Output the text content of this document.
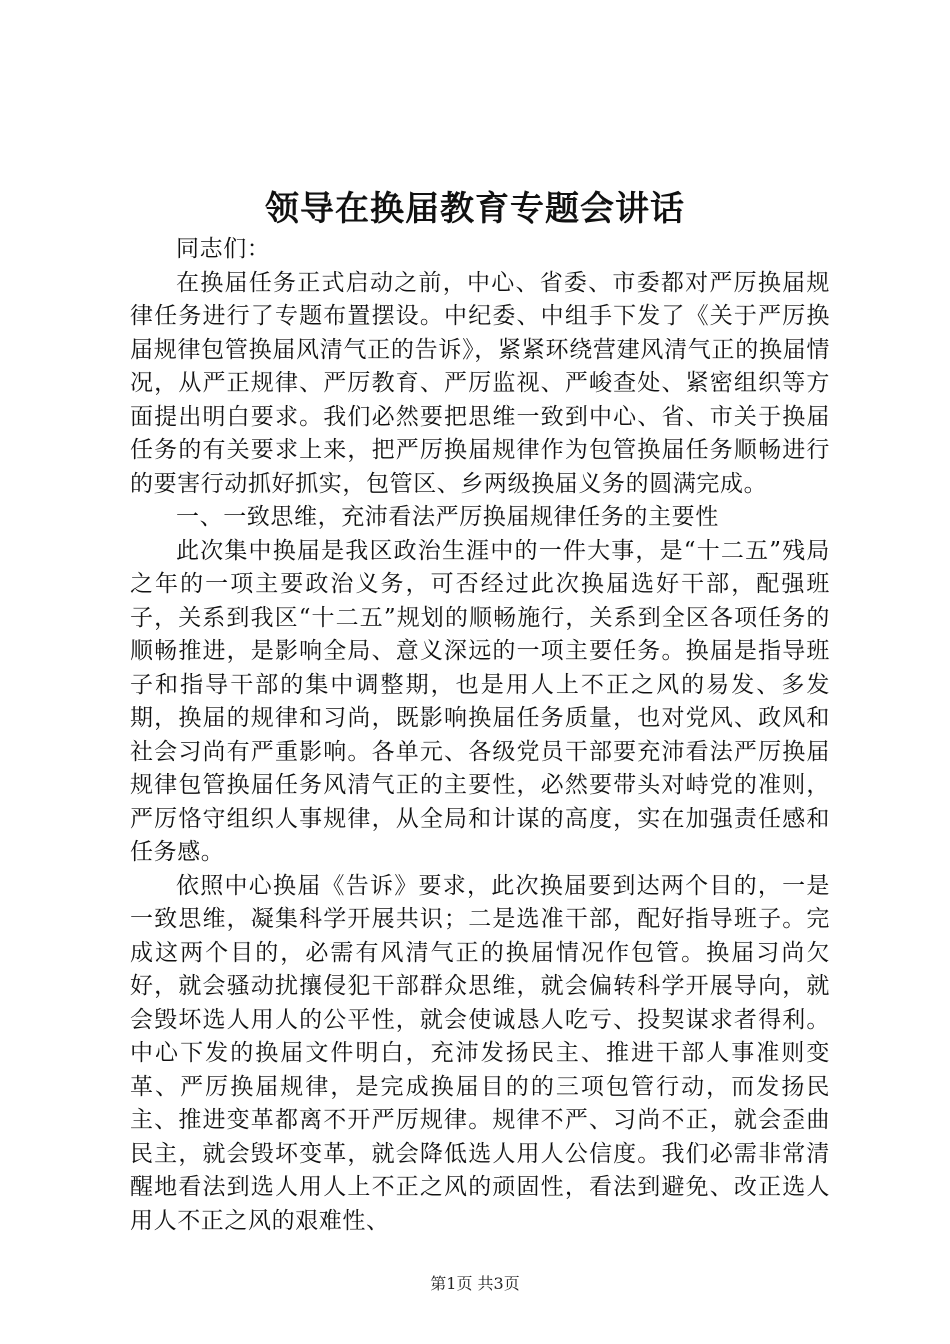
领导在换届教育专题会讲话

同志们：

在换届任务正式启动之前，中心、省委、市委都对严厉换届规律任务进行了专题布置摆设。中纪委、中组手下发了《关于严厉换届规律包管换届风清气正的告诉》，紧紧环绕营建风清气正的换届情况，从严正规律、严厉教育、严厉监视、严峻查处、紧密组织等方面提出明白要求。我们必然要把思维一致到中心、省、市关于换届任务的有关要求上来，把严厉换届规律作为包管换届任务顺畅进行的要害行动抓好抓实，包管区、乡两级换届义务的圆满完成。

一、一致思维，充沛看法严厉换届规律任务的主要性

此次集中换届是我区政治生涯中的一件大事，是“十二五”残局之年的一项主要政治义务，可否经过此次换届选好干部，配强班子，关系到我区“十二五”规划的顺畅施行，关系到全区各项任务的顺畅推进，是影响全局、意义深远的一项主要任务。换届是指导班子和指导干部的集中调整期，也是用人上不正之风的易发、多发期，换届的规律和习尚，既影响换届任务质量，也对党风、政风和社会习尚有严重影响。各单元、各级党员干部要充沛看法严厉换届规律包管换届任务风清气正的主要性，必然要带头对峙党的准则，严厉恪守组织人事规律，从全局和计谋的高度，实在加强责任感和任务感。

依照中心换届《告诉》要求，此次换届要到达两个目的，一是一致思维，凝集科学开展共识；二是选准干部，配好指导班子。完成这两个目的，必需有风清气正的换届情况作包管。换届习尚欠好，就会骚动扰攘侵犯干部群众思维，就会偏转科学开展导向，就会毁坏选人用人的公平性，就会使诚恳人吃亏、投契谋求者得利。中心下发的换届文件明白，充沛发扬民主、推进干部人事准则变革、严厉换届规律，是完成换届目的的三项包管行动，而发扬民主、推进变革都离不开严厉规律。规律不严、习尚不正，就会歪曲民主，就会毁坏变革，就会降低选人用人公信度。我们必需非常清醒地看法到选人用人上不正之风的顽固性，看法到避免、改正选人用人不正之风的艰难性、

第1页 共3页
